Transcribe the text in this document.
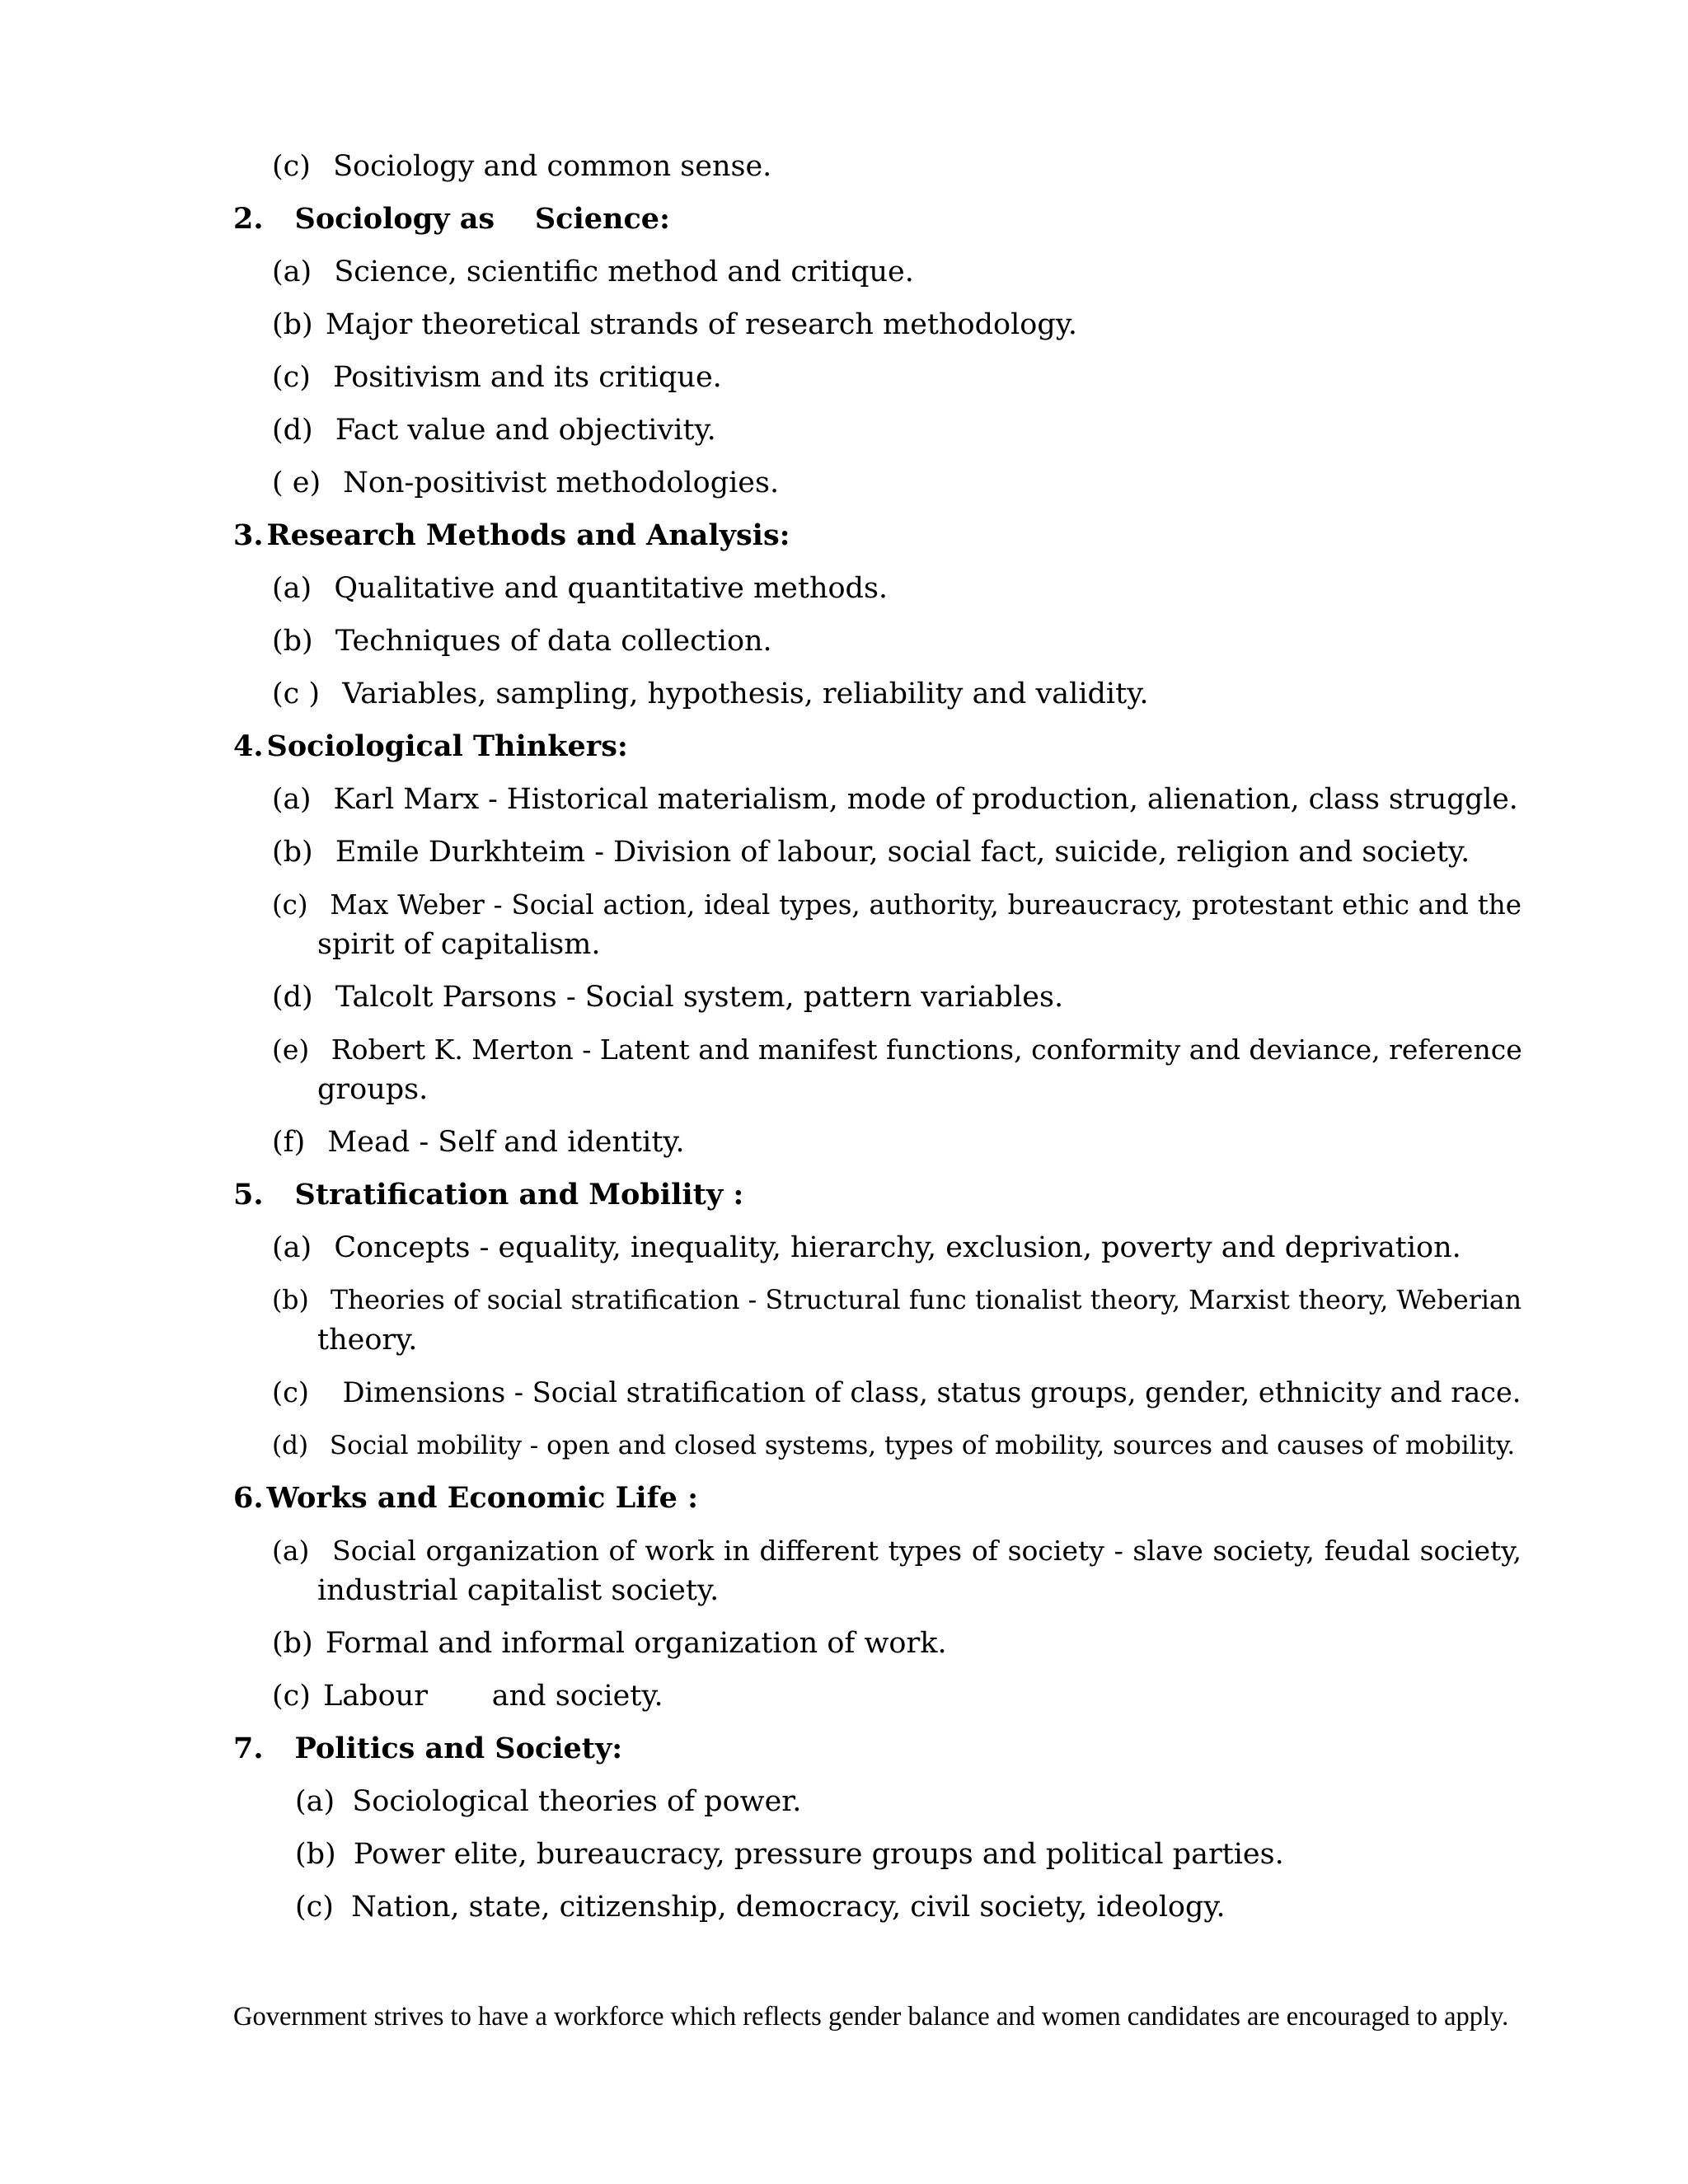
(c) Sociology and common sense.
2. Sociology as    Science:
(a) Science, scientific method and critique.
(b) Major theoretical strands of research methodology.
(c) Positivism and its critique.
(d) Fact value and objectivity.
( e) Non-positivist methodologies.
3. Research Methods and Analysis:
(a) Qualitative and quantitative methods.
(b) Techniques of data collection.
(c ) Variables, sampling, hypothesis, reliability and validity.
4. Sociological Thinkers:
(a) Karl Marx - Historical materialism, mode of production, alienation, class struggle.
(b) Emile Durkhteim - Division of labour, social fact, suicide, religion and society.
(c) Max Weber - Social action, ideal types, authority, bureaucracy, protestant ethic and the
spirit of capitalism.
(d) Talcolt Parsons - Social system, pattern variables.
(e) Robert K. Merton - Latent and manifest functions, conformity and deviance, reference
groups.
(f) Mead - Self and identity.
5. Stratification and Mobility :
(a) Concepts - equality, inequality, hierarchy, exclusion, poverty and deprivation.
(b) Theories of social stratification - Structural func tionalist theory, Marxist theory, Weberian
theory.
(c) Dimensions - Social stratification of class, status groups, gender, ethnicity and race.
(d) Social mobility - open and closed systems, types of mobility, sources and causes of mobility.
6. Works and Economic Life :
(a) Social organization of work in different types of society - slave society, feudal society,
industrial capitalist society.
(b) Formal and informal organization of work.
(c) Labour       and society.
7. Politics and Society:
(a) Sociological theories of power.
(b) Power elite, bureaucracy, pressure groups and political parties.
(c) Nation, state, citizenship, democracy, civil society, ideology.
Government strives to have a workforce which reflects gender balance and women candidates are encouraged to apply.
